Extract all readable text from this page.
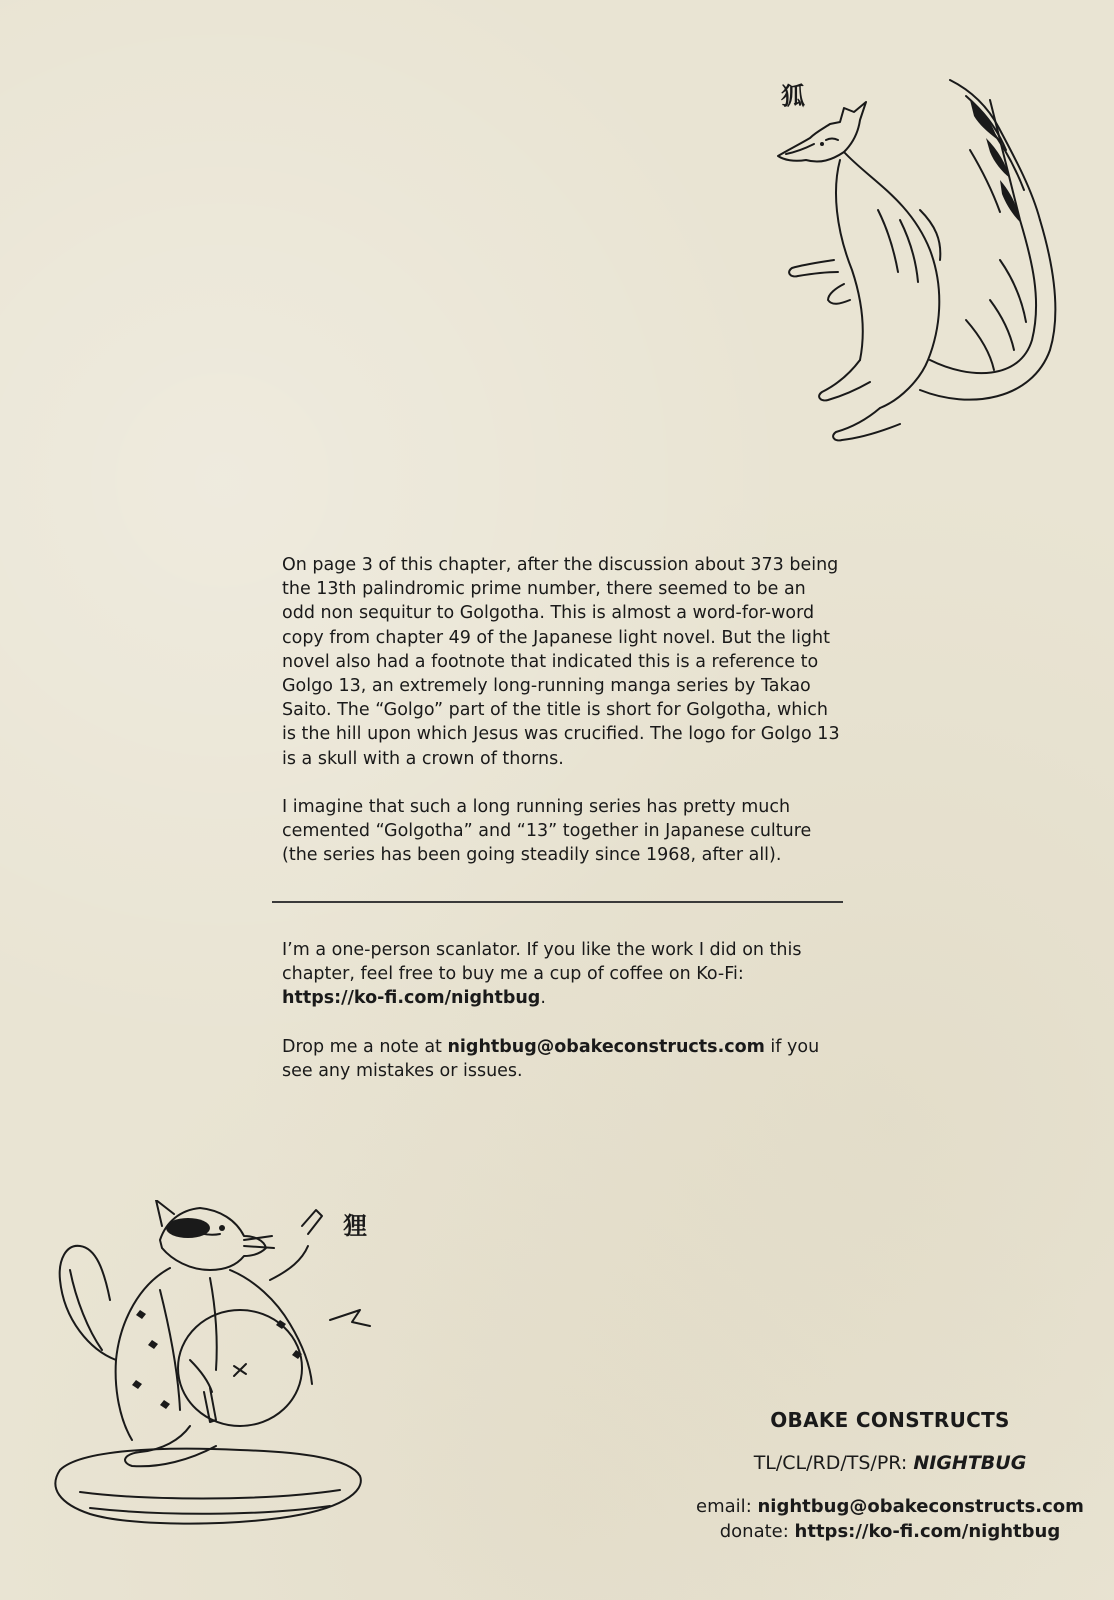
狐

On page 3 of this chapter, after the discussion about 373 being the 13th palindromic prime number, there seemed to be an odd non sequitur to Golgotha. This is almost a word-for-word copy from chapter 49 of the Japanese light novel. But the light novel also had a footnote that indicated this is a reference to Golgo 13, an extremely long-running manga series by Takao Saito. The “Golgo” part of the title is short for Golgotha, which is the hill upon which Jesus was crucified. The logo for Golgo 13 is a skull with a crown of thorns.

I imagine that such a long running series has pretty much cemented “Golgotha” and “13” together in Japanese culture (the series has been going steadily since 1968, after all).

I’m a one-person scanlator. If you like the work I did on this chapter, feel free to buy me a cup of coffee on Ko-Fi: https://ko-fi.com/nightbug.

Drop me a note at nightbug@obakeconstructs.com if you see any mistakes or issues.

狸
OBAKE CONSTRUCTS
TL/CL/RD/TS/PR: NIGHTBUG
email: nightbug@obakeconstructs.com
donate: https://ko-fi.com/nightbug
